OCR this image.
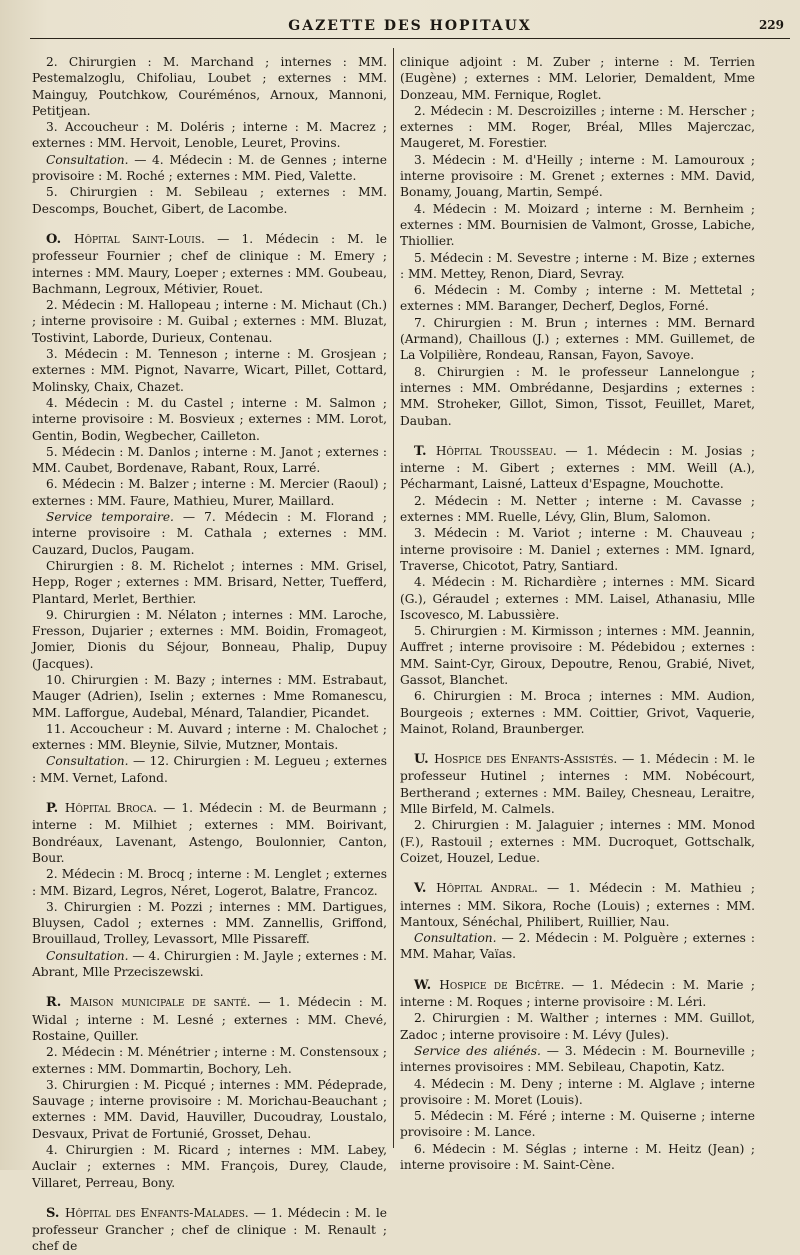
GAZETTE DES HOPITAUX	229

2. Chirurgien : M. Marchand ; internes : MM. Pestemalzoglu, Chifoliau, Loubet ; externes : MM. Mainguy, Poutchkow, Couréménos, Arnoux, Mannoni, Petitjean.

3. Accoucheur : M. Doléris ; interne : M. Macrez ; externes : MM. Hervoit, Lenoble, Leuret, Provins.

Consultation. — 4. Médecin : M. de Gennes ; interne provisoire : M. Roché ; externes : MM. Pied, Valette.

5. Chirurgien : M. Sebileau ; externes : MM. Descomps, Bouchet, Gibert, de Lacombe.

O. Hôpital Saint-Louis. — 1. Médecin : M. le professeur Fournier ; chef de clinique : M. Emery ; internes : MM. Maury, Loeper ; externes : MM. Goubeau, Bachmann, Legroux, Métivier, Rouet.

2. Médecin : M. Hallopeau ; interne : M. Michaut (Ch.) ; interne provisoire : M. Guibal ; externes : MM. Bluzat, Tostivint, Laborde, Durieux, Contenau.

3. Médecin : M. Tenneson ; interne : M. Grosjean ; externes : MM. Pignot, Navarre, Wicart, Pillet, Cottard, Molinsky, Chaix, Chazet.

4. Médecin : M. du Castel ; interne : M. Salmon ; interne provisoire : M. Bosvieux ; externes : MM. Lorot, Gentin, Bodin, Wegbecher, Cailleton.

5. Médecin : M. Danlos ; interne : M. Janot ; externes : MM. Caubet, Bordenave, Rabant, Roux, Larré.

6. Médecin : M. Balzer ; interne : M. Mercier (Raoul) ; externes : MM. Faure, Mathieu, Murer, Maillard.

Service temporaire. — 7. Médecin : M. Florand ; interne provisoire : M. Cathala ; externes : MM. Cauzard, Duclos, Paugam.

Chirurgien : 8. M. Richelot ; internes : MM. Grisel, Hepp, Roger ; externes : MM. Brisard, Netter, Tuefferd, Plantard, Merlet, Berthier.

9. Chirurgien : M. Nélaton ; internes : MM. Laroche, Fresson, Dujarier ; externes : MM. Boidin, Fromageot, Jomier, Dionis du Séjour, Bonneau, Phalip, Dupuy (Jacques).

10. Chirurgien : M. Bazy ; internes : MM. Estrabaut, Mauger (Adrien), Iselin ; externes : Mme Romanescu, MM. Lafforgue, Audebal, Ménard, Talandier, Picandet.

11. Accoucheur : M. Auvard ; interne : M. Chalochet ; externes : MM. Bleynie, Silvie, Mutzner, Montais.

Consultation. — 12. Chirurgien : M. Legueu ; externes : MM. Vernet, Lafond.

P. Hôpital Broca. — 1. Médecin : M. de Beurmann ; interne : M. Milhiet ; externes : MM. Boirivant, Bondréaux, Lavenant, Astengo, Boulonnier, Canton, Bour.

2. Médecin : M. Brocq ; interne : M. Lenglet ; externes : MM. Bizard, Legros, Néret, Logerot, Balatre, Francoz.

3. Chirurgien : M. Pozzi ; internes : MM. Dartigues, Bluysen, Cadol ; externes : MM. Zannellis, Griffond, Brouillaud, Trolley, Levassort, Mlle Pissareff.

Consultation. — 4. Chirurgien : M. Jayle ; externes : M. Abrant, Mlle Przeciszewski.

R. Maison municipale de santé. — 1. Médecin : M. Widal ; interne : M. Lesné ; externes : MM. Chevé, Rostaine, Quiller.

2. Médecin : M. Ménétrier ; interne : M. Constensoux ; externes : MM. Dommartin, Bochory, Leh.

3. Chirurgien : M. Picqué ; internes : MM. Pédeprade, Sauvage ; interne provisoire : M. Morichau-Beauchant ; externes : MM. David, Hauviller, Ducoudray, Loustalo, Desvaux, Privat de Fortunié, Grosset, Dehau.

4. Chirurgien : M. Ricard ; internes : MM. Labey, Auclair ; externes : MM. François, Durey, Claude, Villaret, Perreau, Bony.

S. Hôpital des Enfants-Malades. — 1. Médecin : M. le professeur Grancher ; chef de clinique : M. Renault ; chef de

clinique adjoint : M. Zuber ; interne : M. Terrien (Eugène) ; externes : MM. Lelorier, Demaldent, Mme Donzeau, MM. Fernique, Roglet.

2. Médecin : M. Descroizilles ; interne : M. Herscher ; externes : MM. Roger, Bréal, Mlles Majerczac, Maugeret, M. Forestier.

3. Médecin : M. d'Heilly ; interne : M. Lamouroux ; interne provisoire : M. Grenet ; externes : MM. David, Bonamy, Jouang, Martin, Sempé.

4. Médecin : M. Moizard ; interne : M. Bernheim ; externes : MM. Bournisien de Valmont, Grosse, Labiche, Thiollier.

5. Médecin : M. Sevestre ; interne : M. Bize ; externes : MM. Mettey, Renon, Diard, Sevray.

6. Médecin : M. Comby ; interne : M. Mettetal ; externes : MM. Baranger, Decherf, Deglos, Forné.

7. Chirurgien : M. Brun ; internes : MM. Bernard (Armand), Chaillous (J.) ; externes : MM. Guillemet, de La Volpilière, Rondeau, Ransan, Fayon, Savoye.

8. Chirurgien : M. le professeur Lannelongue ; internes : MM. Ombrédanne, Desjardins ; externes : MM. Stroheker, Gillot, Simon, Tissot, Feuillet, Maret, Dauban.

T. Hôpital Trousseau. — 1. Médecin : M. Josias ; interne : M. Gibert ; externes : MM. Weill (A.), Pécharmant, Laisné, Latteux d'Espagne, Mouchotte.

2. Médecin : M. Netter ; interne : M. Cavasse ; externes : MM. Ruelle, Lévy, Glin, Blum, Salomon.

3. Médecin : M. Variot ; interne : M. Chauveau ; interne provisoire : M. Daniel ; externes : MM. Ignard, Traverse, Chicotot, Patry, Santiard.

4. Médecin : M. Richardière ; internes : MM. Sicard (G.), Géraudel ; externes : MM. Laisel, Athanasiu, Mlle Iscovesco, M. Labussière.

5. Chirurgien : M. Kirmisson ; internes : MM. Jeannin, Auffret ; interne provisoire : M. Pédebidou ; externes : MM. Saint-Cyr, Giroux, Depoutre, Renou, Grabié, Nivet, Gassot, Blanchet.

6. Chirurgien : M. Broca ; internes : MM. Audion, Bourgeois ; externes : MM. Coittier, Grivot, Vaquerie, Mainot, Roland, Braunberger.

U. Hospice des Enfants-Assistés. — 1. Médecin : M. le professeur Hutinel ; internes : MM. Nobécourt, Bertherand ; externes : MM. Bailey, Chesneau, Leraitre, Mlle Birfeld, M. Calmels.

2. Chirurgien : M. Jalaguier ; internes : MM. Monod (F.), Rastouil ; externes : MM. Ducroquet, Gottschalk, Coizet, Houzel, Ledue.

V. Hôpital Andral. — 1. Médecin : M. Mathieu ; internes : MM. Sikora, Roche (Louis) ; externes : MM. Mantoux, Sénéchal, Philibert, Ruillier, Nau.

Consultation. — 2. Médecin : M. Polguère ; externes : MM. Mahar, Vaïas.

W. Hospice de Bicêtre. — 1. Médecin : M. Marie ; interne : M. Roques ; interne provisoire : M. Léri.

2. Chirurgien : M. Walther ; internes : MM. Guillot, Zadoc ; interne provisoire : M. Lévy (Jules).

Service des aliénés. — 3. Médecin : M. Bourneville ; internes provisoires : MM. Sebileau, Chapotin, Katz.

4. Médecin : M. Deny ; interne : M. Alglave ; interne provisoire : M. Moret (Louis).

5. Médecin : M. Féré ; interne : M. Quiserne ; interne provisoire : M. Lance.

6. Médecin : M. Séglas ; interne : M. Heitz (Jean) ; interne provisoire : M. Saint-Cène.
